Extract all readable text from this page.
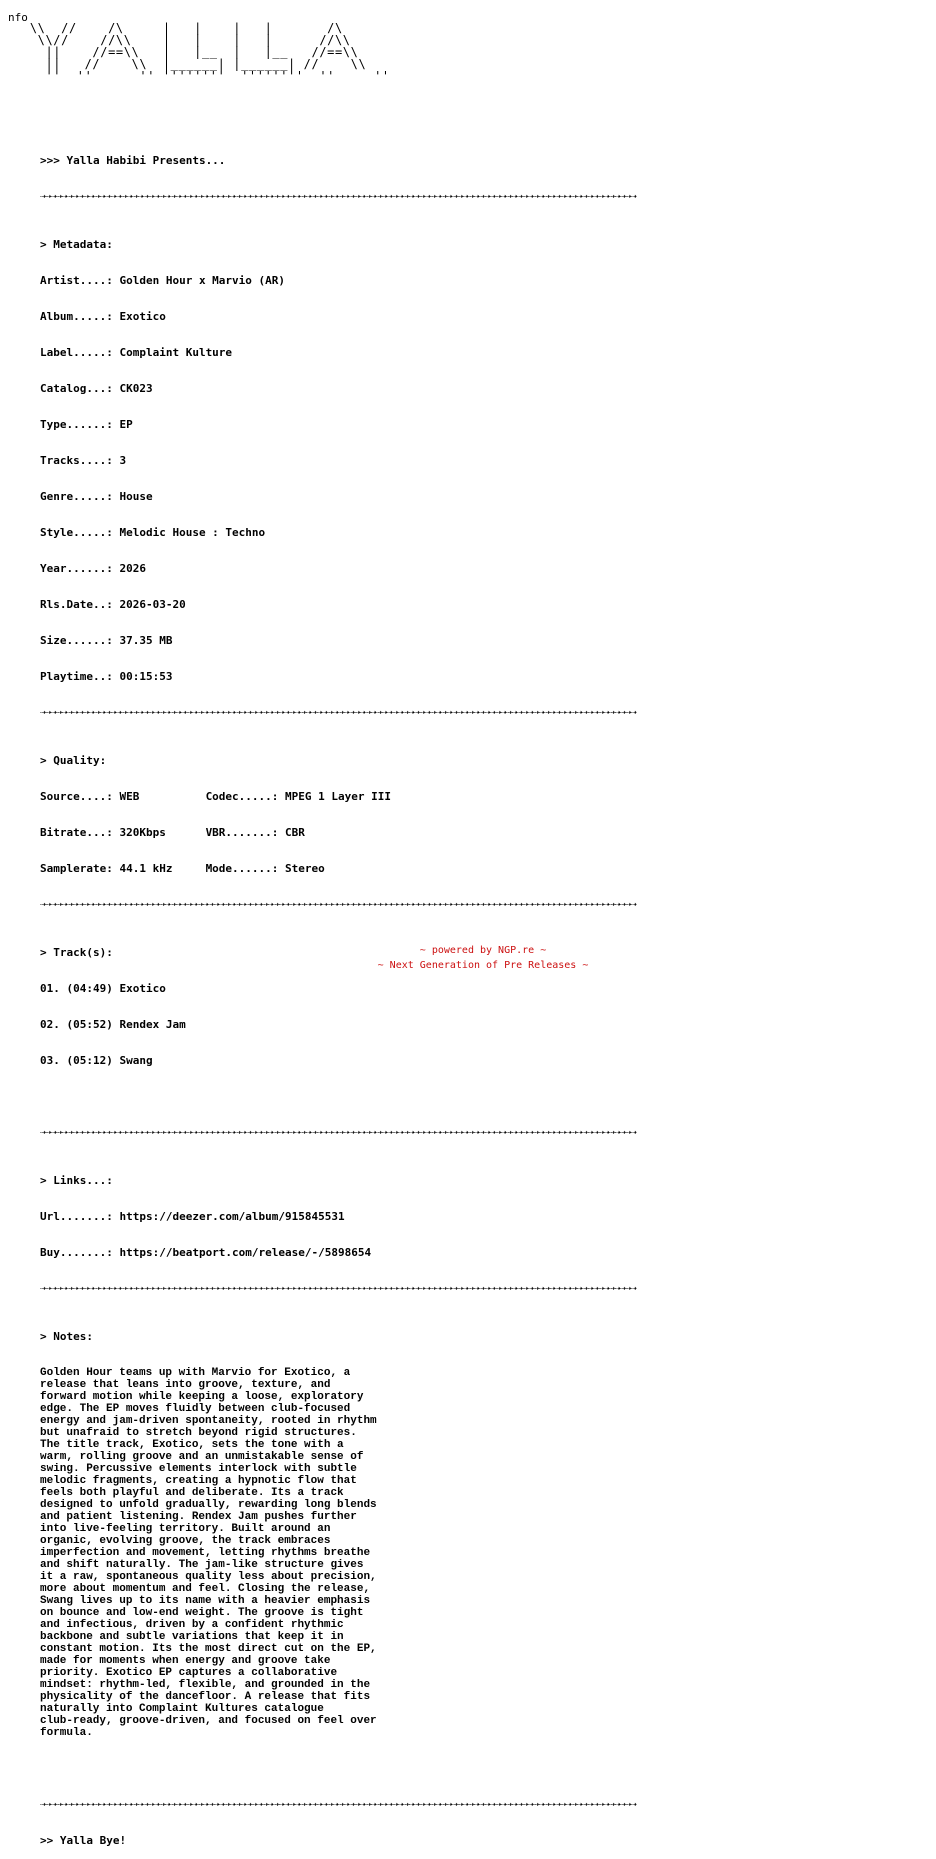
nfo
\\  //    /\     |   |    |   |       /\
\\//    //\\    |   |    |   |      //\\
||    //==\\   |   |__  |   |__   //==\\
||   //    \\  |______| |______| //    \\
''  ''      '' ''''''''  ''''''''  ''     ''

>>> Yalla Habibi Presents...

⇢⇢⇢⇢⇢⇢⇢⇢⇢⇢⇢⇢⇢⇢⇢⇢⇢⇢⇢⇢⇢⇢⇢⇢⇢⇢⇢⇢⇢⇢⇢⇢⇢⇢⇢⇢⇢⇢⇢⇢⇢⇢⇢⇢⇢⇢⇢⇢⇢⇢⇢⇢⇢⇢⇢⇢⇢⇢⇢⇢⇢⇢⇢⇢⇢⇢⇢⇢⇢⇢⇢⇢⇢⇢⇢⇢⇢⇢⇢⇢⇢⇢⇢⇢⇢⇢⇢⇢⇢⇢⇢⇢⇢⇢⇢⇢⇢⇢⇢⇢⇢⇢⇢⇢⇢⇢⇢⇢⇢⇢

> Metadata:

Artist....: Golden Hour x Marvio (AR)

Album.....: Exotico

Label.....: Complaint Kulture

Catalog...: CK023

Type......: EP

Tracks....: 3

Genre.....: House

Style.....: Melodic House : Techno

Year......: 2026

Rls.Date..: 2026-03-20

Size......: 37.35 MB

Playtime..: 00:15:53

⇢⇢⇢⇢⇢⇢⇢⇢⇢⇢⇢⇢⇢⇢⇢⇢⇢⇢⇢⇢⇢⇢⇢⇢⇢⇢⇢⇢⇢⇢⇢⇢⇢⇢⇢⇢⇢⇢⇢⇢⇢⇢⇢⇢⇢⇢⇢⇢⇢⇢⇢⇢⇢⇢⇢⇢⇢⇢⇢⇢⇢⇢⇢⇢⇢⇢⇢⇢⇢⇢⇢⇢⇢⇢⇢⇢⇢⇢⇢⇢⇢⇢⇢⇢⇢⇢⇢⇢⇢⇢⇢⇢⇢⇢⇢⇢⇢⇢⇢⇢⇢⇢⇢⇢⇢⇢⇢⇢⇢⇢

> Quality:

Source....: WEB          Codec.....: MPEG 1 Layer III

Bitrate...: 320Kbps      VBR.......: CBR

Samplerate: 44.1 kHz     Mode......: Stereo

⇢⇢⇢⇢⇢⇢⇢⇢⇢⇢⇢⇢⇢⇢⇢⇢⇢⇢⇢⇢⇢⇢⇢⇢⇢⇢⇢⇢⇢⇢⇢⇢⇢⇢⇢⇢⇢⇢⇢⇢⇢⇢⇢⇢⇢⇢⇢⇢⇢⇢⇢⇢⇢⇢⇢⇢⇢⇢⇢⇢⇢⇢⇢⇢⇢⇢⇢⇢⇢⇢⇢⇢⇢⇢⇢⇢⇢⇢⇢⇢⇢⇢⇢⇢⇢⇢⇢⇢⇢⇢⇢⇢⇢⇢⇢⇢⇢⇢⇢⇢⇢⇢⇢⇢⇢⇢⇢⇢⇢⇢

> Track(s):

01. (04:49) Exotico

02. (05:52) Rendex Jam

03. (05:12) Swang

⇢⇢⇢⇢⇢⇢⇢⇢⇢⇢⇢⇢⇢⇢⇢⇢⇢⇢⇢⇢⇢⇢⇢⇢⇢⇢⇢⇢⇢⇢⇢⇢⇢⇢⇢⇢⇢⇢⇢⇢⇢⇢⇢⇢⇢⇢⇢⇢⇢⇢⇢⇢⇢⇢⇢⇢⇢⇢⇢⇢⇢⇢⇢⇢⇢⇢⇢⇢⇢⇢⇢⇢⇢⇢⇢⇢⇢⇢⇢⇢⇢⇢⇢⇢⇢⇢⇢⇢⇢⇢⇢⇢⇢⇢⇢⇢⇢⇢⇢⇢⇢⇢⇢⇢⇢⇢⇢⇢⇢⇢

> Links...:

Url.......: https://deezer.com/album/915845531

Buy.......: https://beatport.com/release/-/5898654

⇢⇢⇢⇢⇢⇢⇢⇢⇢⇢⇢⇢⇢⇢⇢⇢⇢⇢⇢⇢⇢⇢⇢⇢⇢⇢⇢⇢⇢⇢⇢⇢⇢⇢⇢⇢⇢⇢⇢⇢⇢⇢⇢⇢⇢⇢⇢⇢⇢⇢⇢⇢⇢⇢⇢⇢⇢⇢⇢⇢⇢⇢⇢⇢⇢⇢⇢⇢⇢⇢⇢⇢⇢⇢⇢⇢⇢⇢⇢⇢⇢⇢⇢⇢⇢⇢⇢⇢⇢⇢⇢⇢⇢⇢⇢⇢⇢⇢⇢⇢⇢⇢⇢⇢⇢⇢⇢⇢⇢⇢

> Notes:

Golden Hour teams up with Marvio for Exotico, a
release that leans into groove, texture, and
forward motion while keeping a loose, exploratory
edge. The EP moves fluidly between club-focused
energy and jam-driven spontaneity, rooted in rhythm
but unafraid to stretch beyond rigid structures.
The title track, Exotico, sets the tone with a
warm, rolling groove and an unmistakable sense of
swing. Percussive elements interlock with subtle
melodic fragments, creating a hypnotic flow that
feels both playful and deliberate. Its a track
designed to unfold gradually, rewarding long blends
and patient listening. Rendex Jam pushes further
into live-feeling territory. Built around an
organic, evolving groove, the track embraces
imperfection and movement, letting rhythms breathe
and shift naturally. The jam-like structure gives
it a raw, spontaneous quality less about precision,
more about momentum and feel. Closing the release,
Swang lives up to its name with a heavier emphasis
on bounce and low-end weight. The groove is tight
and infectious, driven by a confident rhythmic
backbone and subtle variations that keep it in
constant motion. Its the most direct cut on the EP,
made for moments when energy and groove take
priority. Exotico EP captures a collaborative
mindset: rhythm-led, flexible, and grounded in the
physicality of the dancefloor. A release that fits
naturally into Complaint Kultures catalogue
club-ready, groove-driven, and focused on feel over
formula.

⇢⇢⇢⇢⇢⇢⇢⇢⇢⇢⇢⇢⇢⇢⇢⇢⇢⇢⇢⇢⇢⇢⇢⇢⇢⇢⇢⇢⇢⇢⇢⇢⇢⇢⇢⇢⇢⇢⇢⇢⇢⇢⇢⇢⇢⇢⇢⇢⇢⇢⇢⇢⇢⇢⇢⇢⇢⇢⇢⇢⇢⇢⇢⇢⇢⇢⇢⇢⇢⇢⇢⇢⇢⇢⇢⇢⇢⇢⇢⇢⇢⇢⇢⇢⇢⇢⇢⇢⇢⇢⇢⇢⇢⇢⇢⇢⇢⇢⇢⇢⇢⇢⇢⇢⇢⇢⇢⇢⇢⇢

>> Yalla Bye!

~ powered by NGP.re ~
~ Next Generation of Pre Releases ~
